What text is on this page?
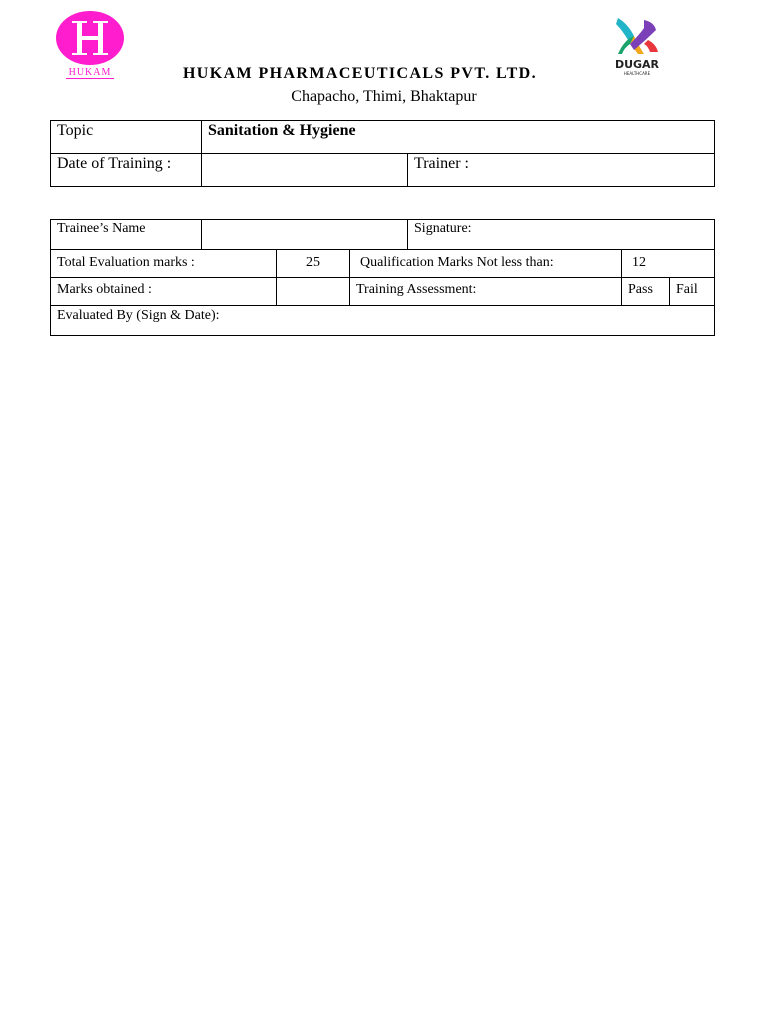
HUKAM
DUGAR
HEALTHCARE
HUKAM PHARMACEUTICALS PVT. LTD.
Chapacho, Thimi, Bhaktapur
Topic	Sanitation & Hygiene	
Date of Training :		Trainer :
Trainee’s Name				Signature:		
Total Evaluation marks :		25	Qualification Marks Not less than:		12	
Marks obtained :			Training Assessment:		Pass	Fail
Evaluated By (Sign & Date):						
